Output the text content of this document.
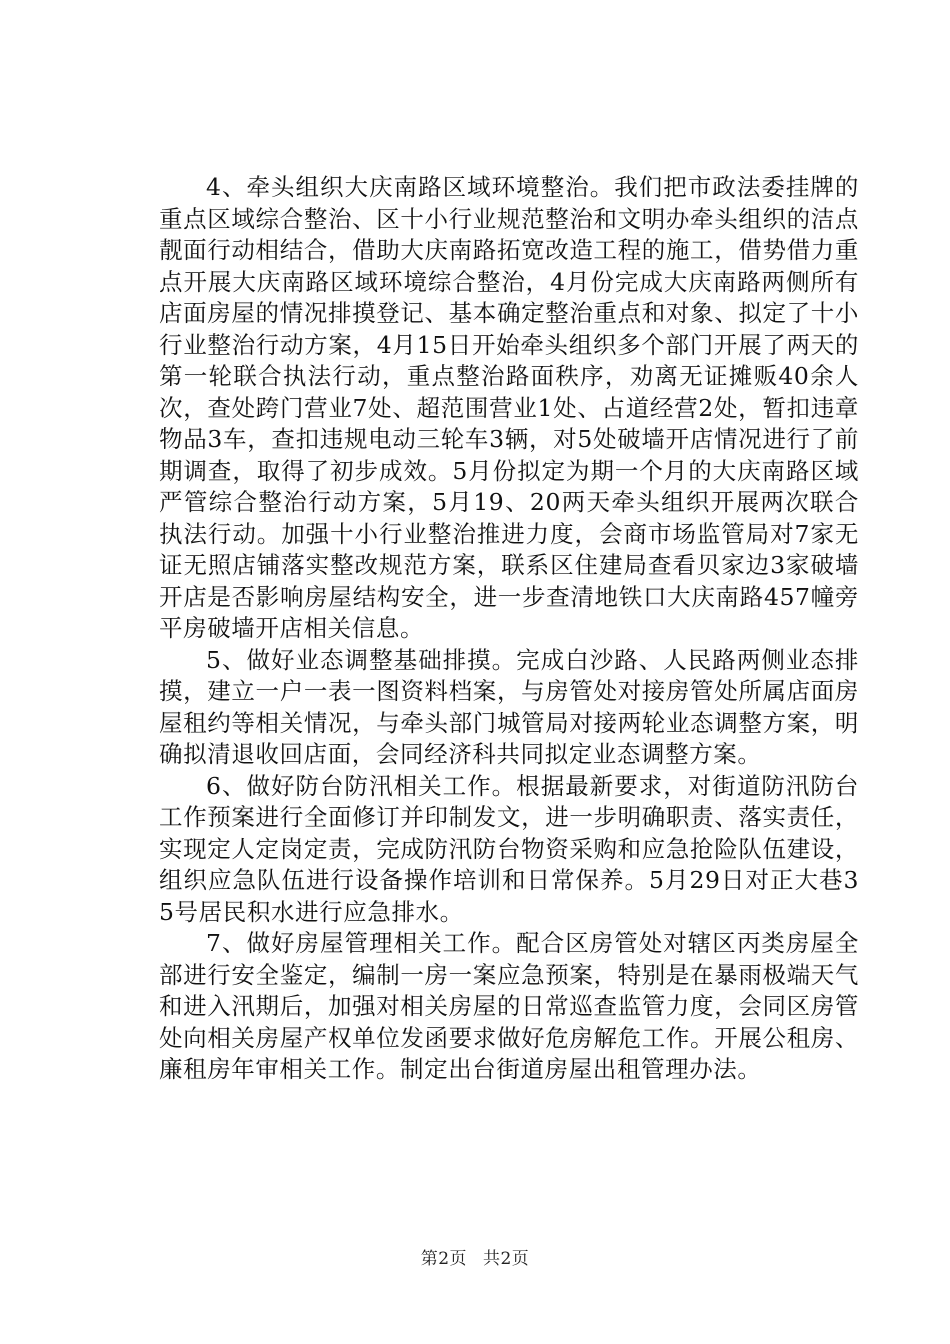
4、牵头组织大庆南路区域环境整治。我们把市政法委挂牌的重点区域综合整治、区十小行业规范整治和文明办牵头组织的洁点靓面行动相结合，借助大庆南路拓宽改造工程的施工，借势借力重点开展大庆南路区域环境综合整治，4月份完成大庆南路两侧所有店面房屋的情况排摸登记、基本确定整治重点和对象、拟定了十小行业整治行动方案，4月15日开始牵头组织多个部门开展了两天的第一轮联合执法行动，重点整治路面秩序，劝离无证摊贩40余人次，查处跨门营业7处、超范围营业1处、占道经营2处，暂扣违章物品3车，查扣违规电动三轮车3辆，对5处破墙开店情况进行了前期调查，取得了初步成效。5月份拟定为期一个月的大庆南路区域严管综合整治行动方案，5月19、20两天牵头组织开展两次联合执法行动。加强十小行业整治推进力度，会商市场监管局对7家无证无照店铺落实整改规范方案，联系区住建局查看贝家边3家破墙开店是否影响房屋结构安全，进一步查清地铁口大庆南路457幢旁平房破墙开店相关信息。

5、做好业态调整基础排摸。完成白沙路、人民路两侧业态排摸，建立一户一表一图资料档案，与房管处对接房管处所属店面房屋租约等相关情况，与牵头部门城管局对接两轮业态调整方案，明确拟清退收回店面，会同经济科共同拟定业态调整方案。

6、做好防台防汛相关工作。根据最新要求，对街道防汛防台工作预案进行全面修订并印制发文，进一步明确职责、落实责任，实现定人定岗定责，完成防汛防台物资采购和应急抢险队伍建设，组织应急队伍进行设备操作培训和日常保养。5月29日对正大巷35号居民积水进行应急排水。

7、做好房屋管理相关工作。配合区房管处对辖区丙类房屋全部进行安全鉴定，编制一房一案应急预案，特别是在暴雨极端天气和进入汛期后，加强对相关房屋的日常巡查监管力度，会同区房管处向相关房屋产权单位发函要求做好危房解危工作。开展公租房、廉租房年审相关工作。制定出台街道房屋出租管理办法。

第2页 共2页
